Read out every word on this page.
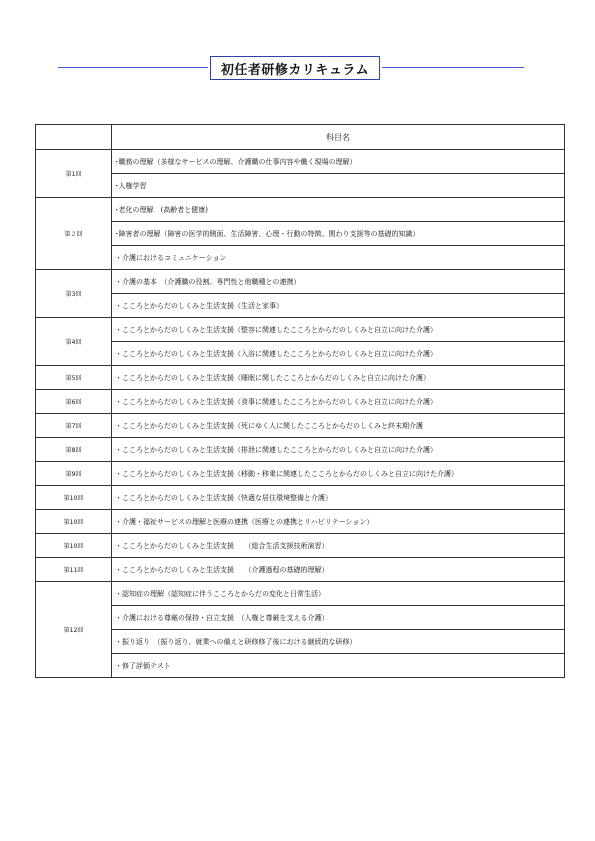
初任者研修カリキュラム
	科目名
第1回	･職務の理解（多様なサービスの理解、介護職の仕事内容や働く現場の理解）
	･人権学習
第２回	･老化の理解　(高齢者と健康)
	･障害者の理解（障害の医学的側面、生活障害、心理・行動の特徴、関わり支援等の基礎的知識）
	・介護におけるコミュニケーション
第3回	・介護の基本　（介護職の役割、専門性と他職種との連携）
	・こころとからだのしくみと生活支援（生活と家事）
第4回	・こころとからだのしくみと生活支援（整容に関連したこころとからだのしくみと自立に向けた介護）
	・こころとからだのしくみと生活支援（入浴に関連したこころとからだのしくみと自立に向けた介護）
第5回	・こころとからだのしくみと生活支援（睡眠に関したこころとからだのしくみと自立に向けた介護）
第6回	・こころとからだのしくみと生活支援（食事に関連したこころとからだのしくみと自立に向けた介護）
第7回	・こころとからだのしくみと生活支援（死にゆく人に関したこころとからだのしくみと終末期介護
第8回	・こころとからだのしくみと生活支援（排泄に関連したこころとからだのしくみと自立に向けた介護）
第9回	・こころとからだのしくみと生活支援（移動・移乗に関連したこころとからだのしくみと自立に向けた介護）
第10回	・こころとからだのしくみと生活支援（快適な居住環境整備と介護）
第10回	・介護・福祉サービスの理解と医療の連携（医療との連携とリハビリテーション）
第10回	・こころとからだのしくみと生活支援　　（総合生活支援技術演習）
第11回	・こころとからだのしくみと生活支援　　（介護過程の基礎的理解）
第12回	・認知症の理解（認知症に伴うこころとからだの変化と日常生活）
	・介護における尊厳の保持・自立支援　（人権と尊厳を支える介護）
	・振り返り　（振り返り、就業への備えと研修修了後における継続的な研修）
	・修了評価テスト
